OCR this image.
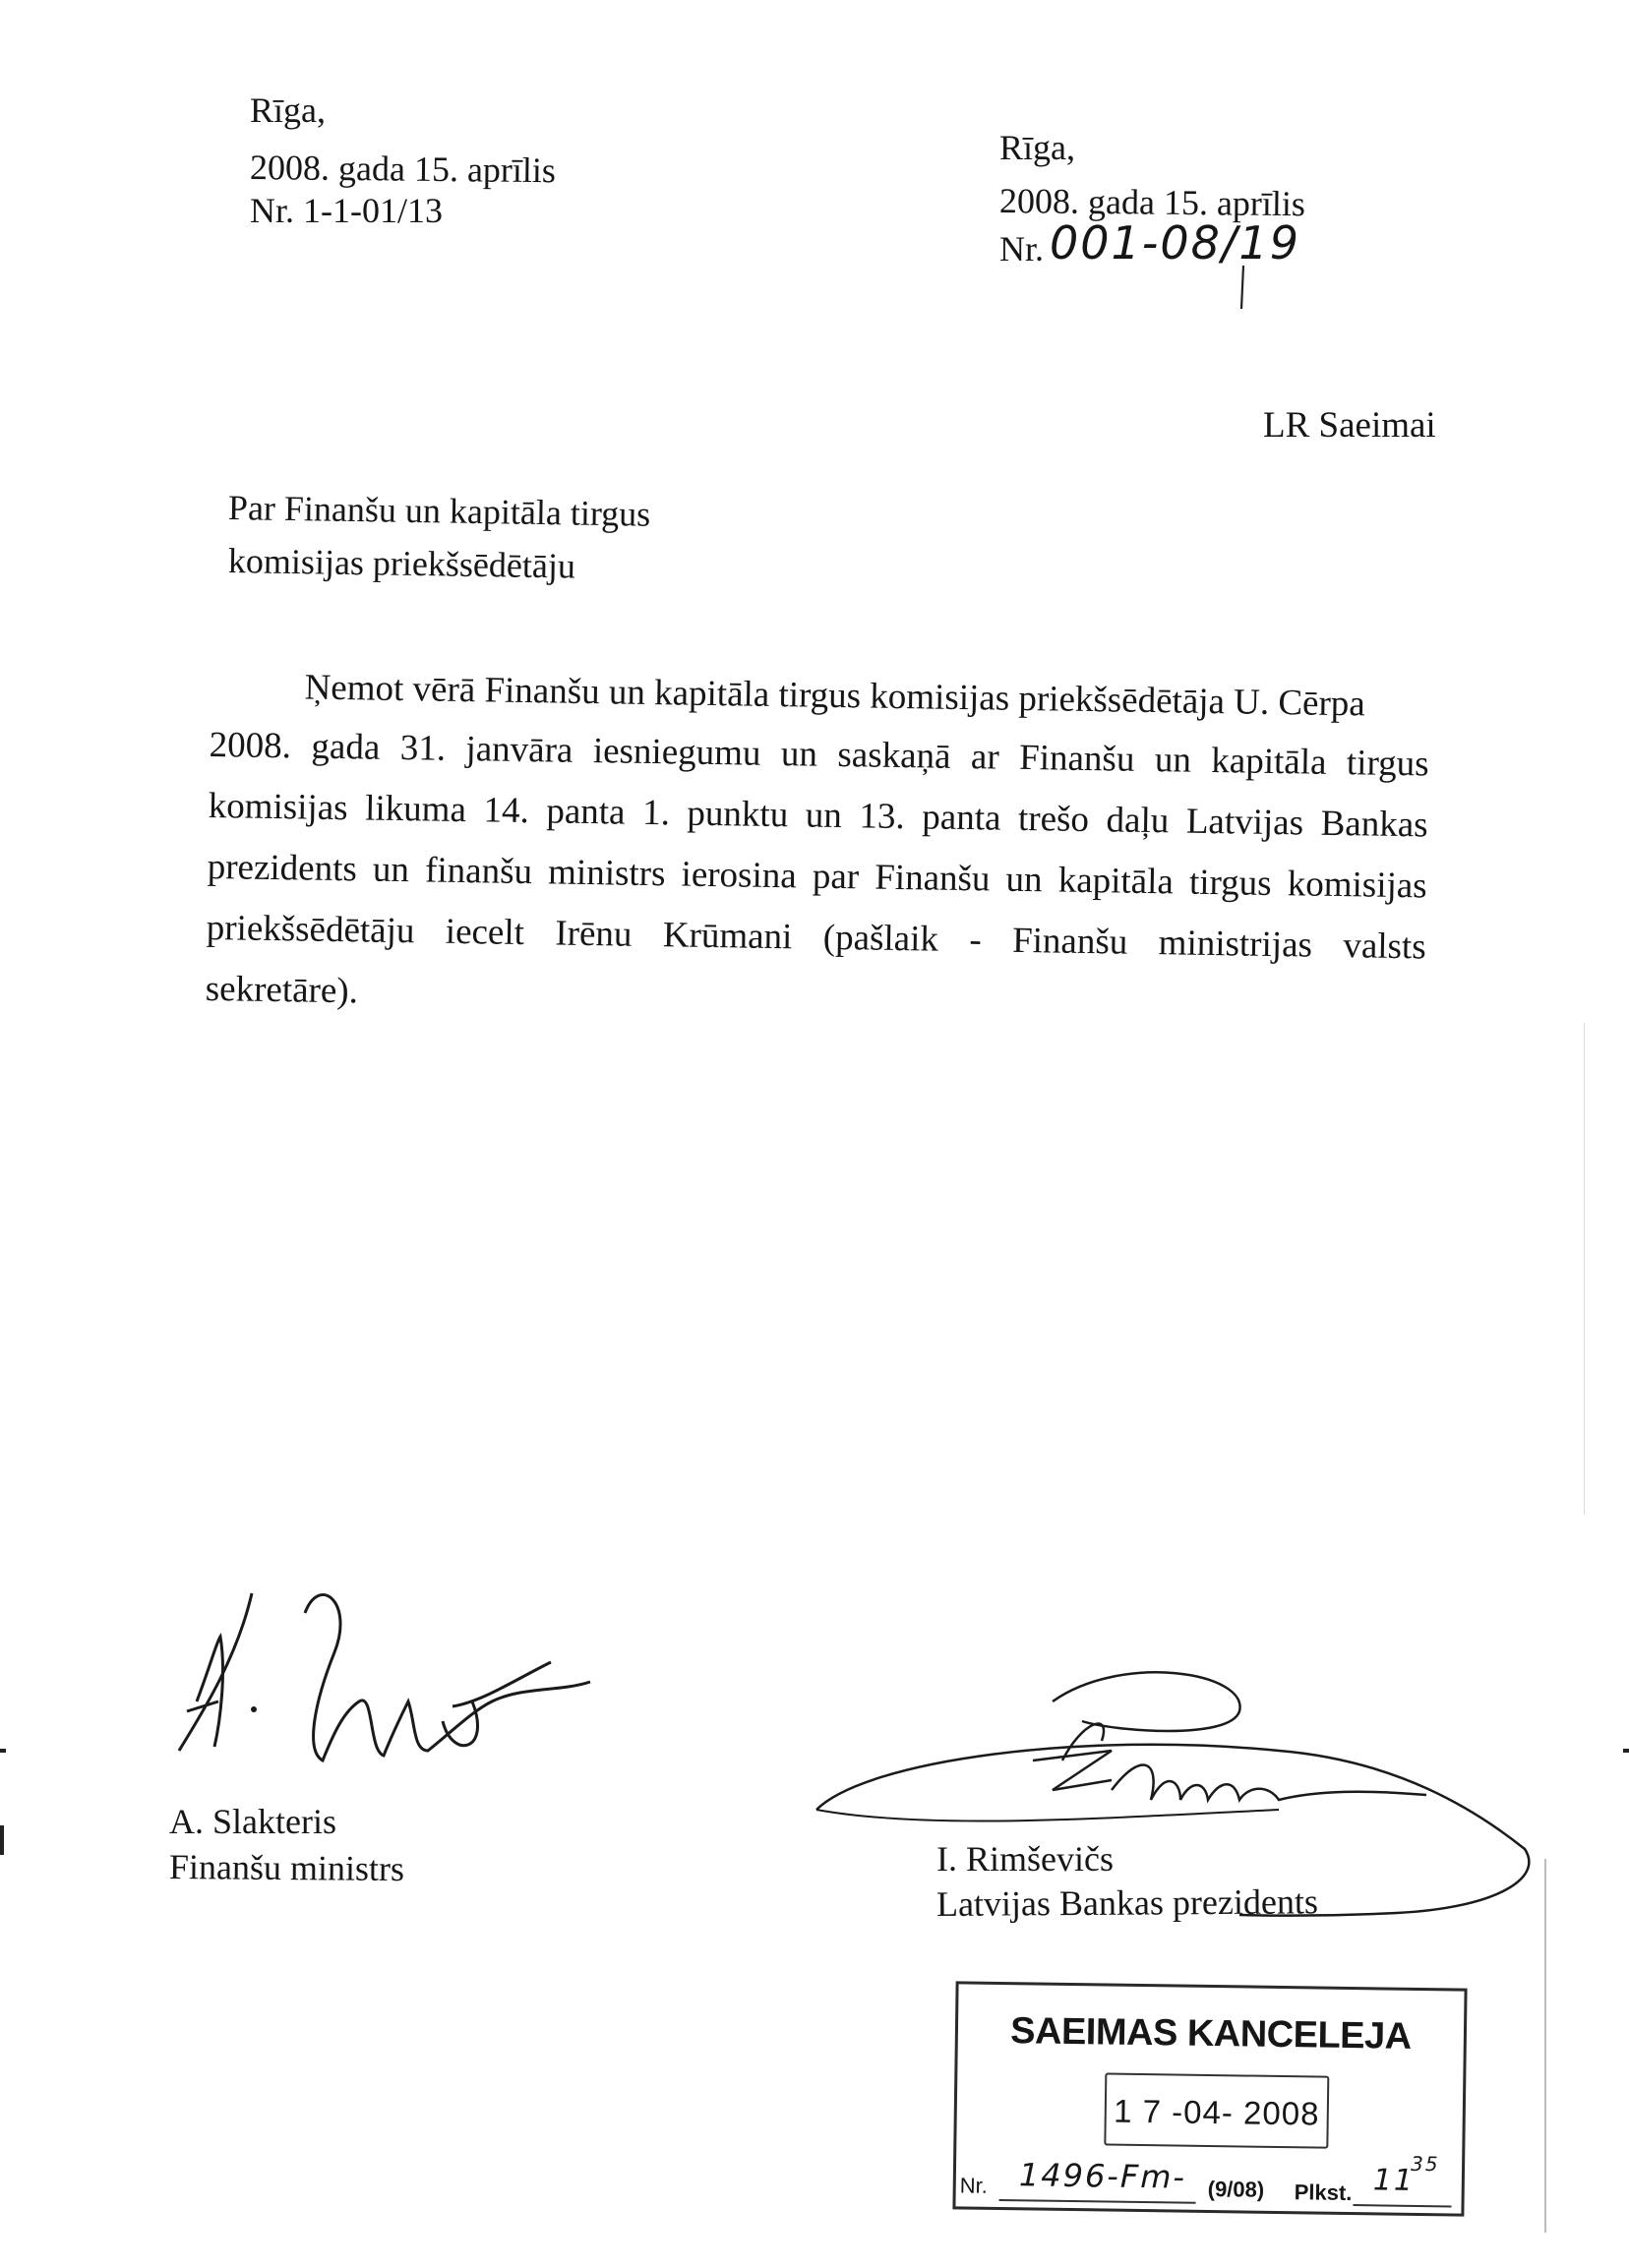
Rīga,
2008. gada 15. aprīlis
Nr. 1-1-01/13
Rīga,
2008. gada 15. aprīlis
Nr. 001-08/19
LR Saeimai
Par Finanšu un kapitāla tirgus
komisijas priekšsēdētāju
Ņemot vērā Finanšu un kapitāla tirgus komisijas priekšsēdētāja U. Cērpa
2008. gada 31. janvāra iesniegumu un saskaņā ar Finanšu un kapitāla tirgus
komisijas likuma 14. panta 1. punktu un 13. panta trešo daļu Latvijas Bankas
prezidents un finanšu ministrs ierosina par Finanšu un kapitāla tirgus komisijas
priekšsēdētāju iecelt Irēnu Krūmani (pašlaik - Finanšu ministrijas valsts
sekretāre).
A. Slakteris
Finanšu ministrs	I. Rimševičs
Latvijas Bankas prezidents
SAEIMAS KANCELEJA
1 7 -04- 2008
Nr. 1496-Fm- (9/08) Plkst. 11
35
